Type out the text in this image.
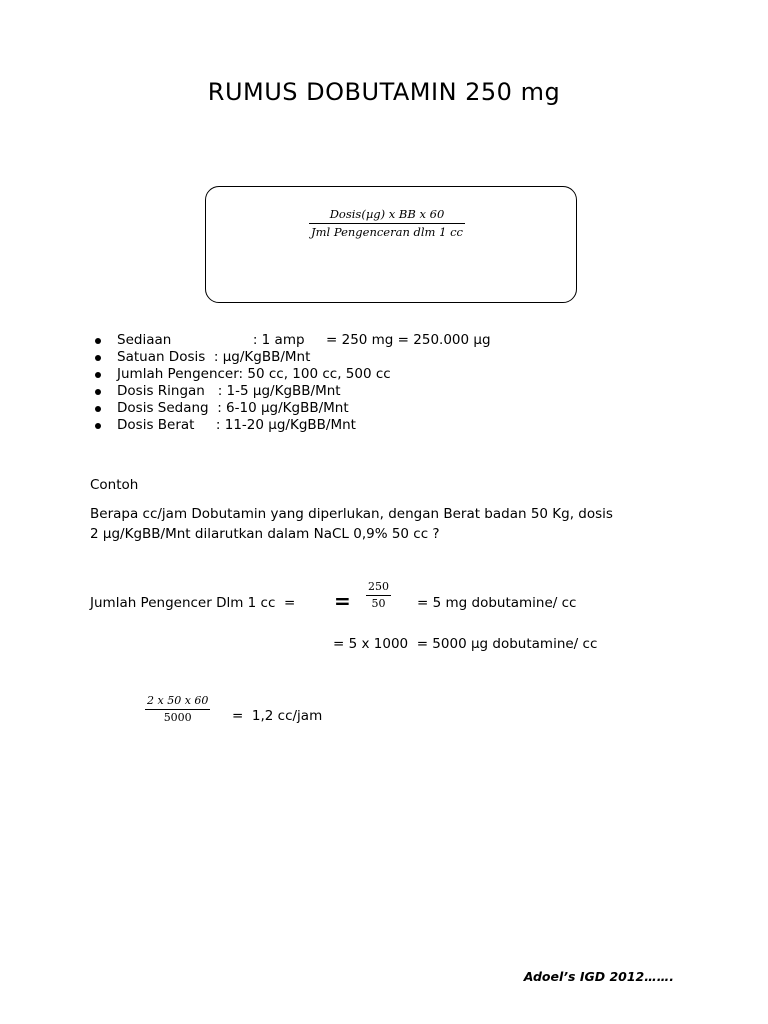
RUMUS DOBUTAMIN 250 mg
Dosis(µg) x BB x 60
Jml Pengenceran dlm 1 cc
Sediaan                   : 1 amp     = 250 mg = 250.000 µg
Satuan Dosis  : µg/KgBB/Mnt
Jumlah Pengencer: 50 cc, 100 cc, 500 cc
Dosis Ringan   : 1-5 µg/KgBB/Mnt
Dosis Sedang  : 6-10 µg/KgBB/Mnt
Dosis Berat     : 11-20 µg/KgBB/Mnt
Contoh
Berapa cc/jam Dobutamin yang diperlukan, dengan Berat badan 50 Kg, dosis
2 µg/KgBB/Mnt dilarutkan dalam NaCL 0,9% 50 cc ?
Jumlah Pengencer Dlm 1 cc  = =
250
50 = 5 mg dobutamine/ cc
= 5 x 1000  = 5000 µg dobutamine/ cc
2 x 50 x 60
5000	=  1,2 cc/jam
Adoel’s IGD 2012…….
